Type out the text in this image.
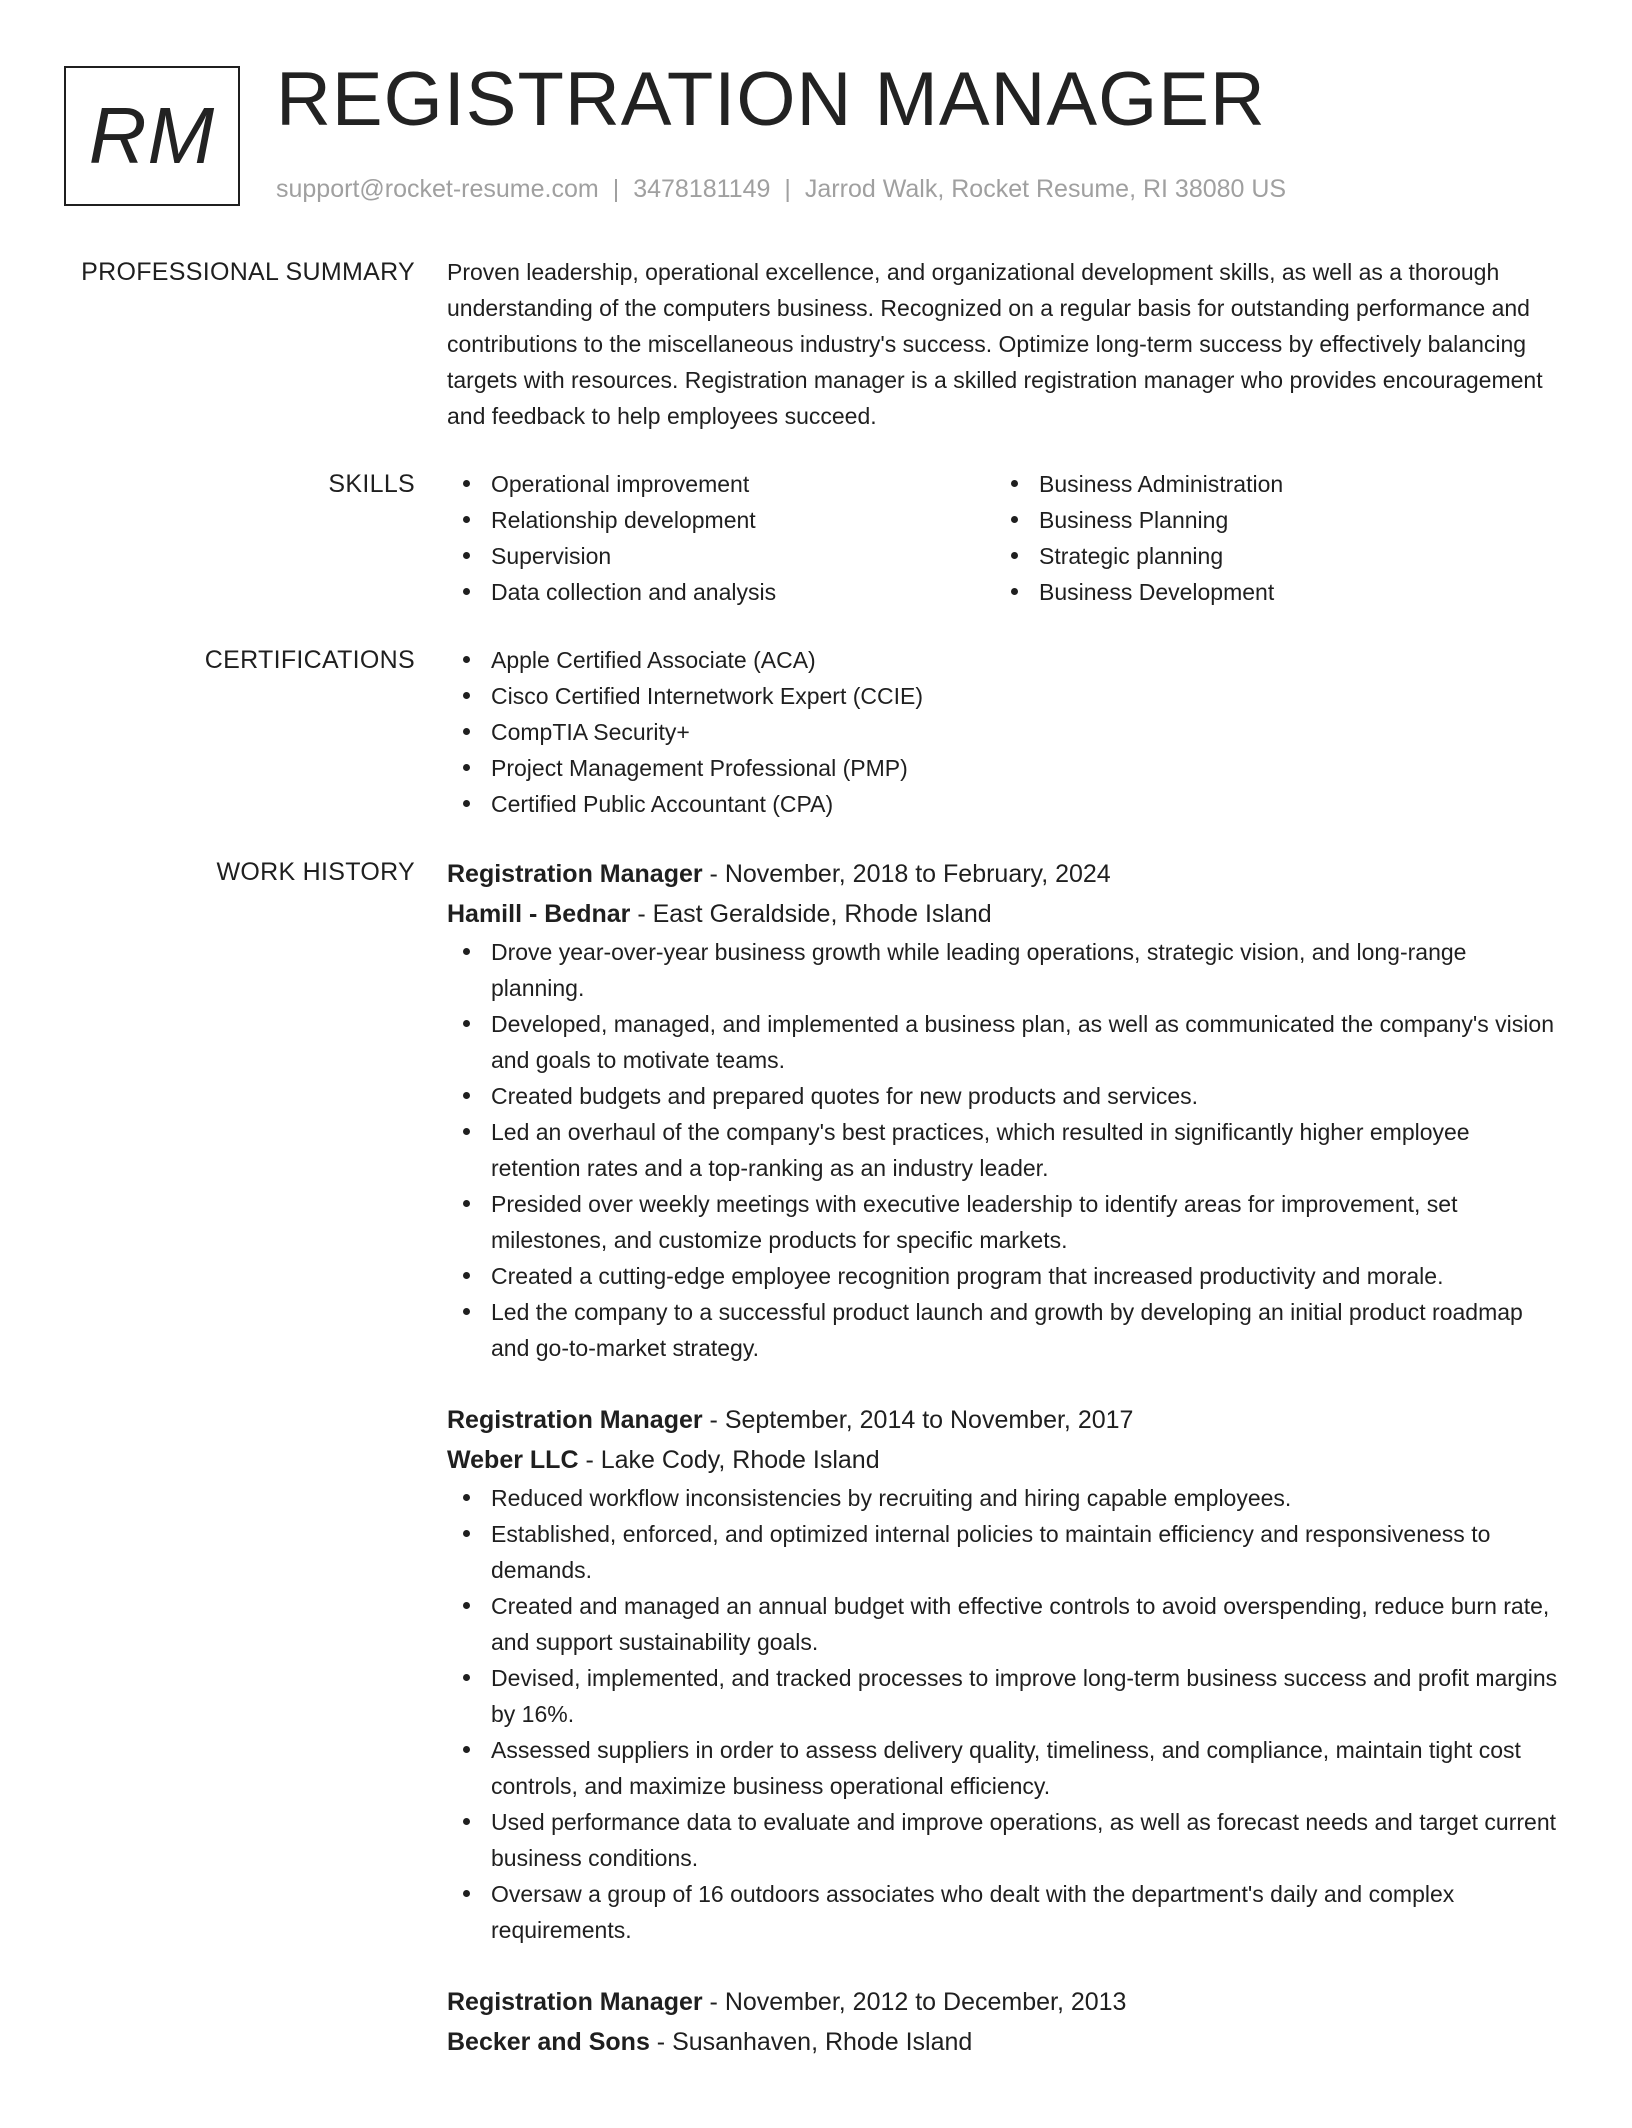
RM REGISTRATION MANAGER
support@rocket-resume.com | 3478181149 | Jarrod Walk, Rocket Resume, RI 38080 US
PROFESSIONAL SUMMARY Proven leadership, operational excellence, and organizational development skills, as well as a thorough understanding of the computers business. Recognized on a regular basis for outstanding performance and contributions to the miscellaneous industry's success. Optimize long-term success by effectively balancing targets with resources. Registration manager is a skilled registration manager who provides encouragement and feedback to help employees succeed.

SKILLS	Operational improvement
Relationship development
Supervision
Data collection and analysis
Business Administration
Business Planning
Strategic planning
Business Development
CERTIFICATIONS	Apple Certified Associate (ACA)
Cisco Certified Internetwork Expert (CCIE)
CompTIA Security+
Project Management Professional (PMP)
Certified Public Accountant (CPA)
WORK HISTORY Registration Manager - November, 2018 to February, 2024
Hamill - Bednar - East Geraldside, Rhode Island
Drove year-over-year business growth while leading operations, strategic vision, and long-range planning.
Developed, managed, and implemented a business plan, as well as communicated the company's vision and goals to motivate teams.
Created budgets and prepared quotes for new products and services.
Led an overhaul of the company's best practices, which resulted in significantly higher employee retention rates and a top-ranking as an industry leader.
Presided over weekly meetings with executive leadership to identify areas for improvement, set milestones, and customize products for specific markets.
Created a cutting-edge employee recognition program that increased productivity and morale.
Led the company to a successful product launch and growth by developing an initial product roadmap and go-to-market strategy.
Registration Manager - September, 2014 to November, 2017
Weber LLC - Lake Cody, Rhode Island
Reduced workflow inconsistencies by recruiting and hiring capable employees.
Established, enforced, and optimized internal policies to maintain efficiency and responsiveness to demands.
Created and managed an annual budget with effective controls to avoid overspending, reduce burn rate, and support sustainability goals.
Devised, implemented, and tracked processes to improve long-term business success and profit margins by 16%.
Assessed suppliers in order to assess delivery quality, timeliness, and compliance, maintain tight cost controls, and maximize business operational efficiency.
Used performance data to evaluate and improve operations, as well as forecast needs and target current business conditions.
Oversaw a group of 16 outdoors associates who dealt with the department's daily and complex requirements.
Registration Manager - November, 2012 to December, 2013
Becker and Sons - Susanhaven, Rhode Island
